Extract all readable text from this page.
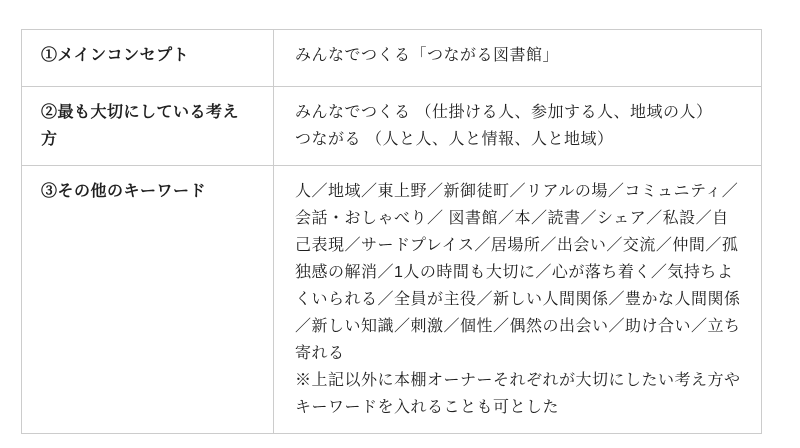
①メインコンセプト	みんなでつくる「つながる図書館」

②最も大切にしている考え方	みんなでつくる （仕掛ける人、参加する人、地域の人）
つながる （人と人、人と情報、人と地域）

③その他のキーワード	人／地域／東上野／新御徒町／リアルの場／コミュニティ／会話・おしゃべり／ 図書館／本／読書／シェア／私設／自己表現／サードプレイス／居場所／出会い／交流／仲間／孤独感の解消／1人の時間も大切に／心が落ち着く／気持ちよくいられる／全員が主役／新しい人間関係／豊かな人間関係／新しい知識／刺激／個性／偶然の出会い／助け合い／立ち寄れる
※上記以外に本棚オーナーそれぞれが大切にしたい考え方やキーワードを入れることも可とした
